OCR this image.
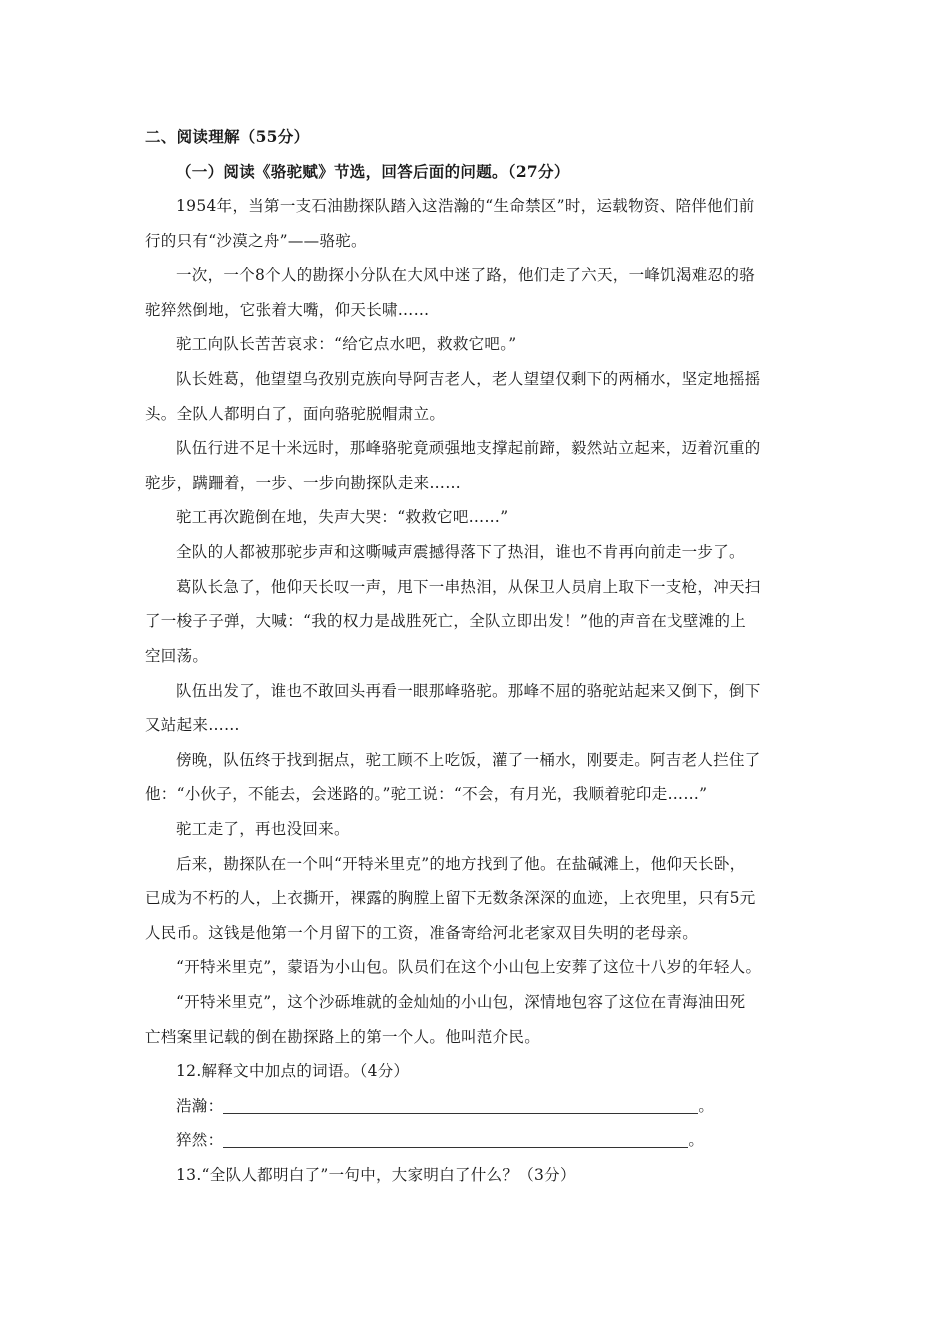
二、阅读理解（55分）
（一）阅读《骆驼赋》节选，回答后面的问题。（27分）
1954年，当第一支石油勘探队踏入这浩瀚的“生命禁区”时，运载物资、陪伴他们前
行的只有“沙漠之舟”——骆驼。
一次，一个8个人的勘探小分队在大风中迷了路，他们走了六天，一峰饥渴难忍的骆
驼猝然倒地，它张着大嘴，仰天长啸……
驼工向队长苦苦哀求：“给它点水吧，救救它吧。”
队长姓葛，他望望乌孜别克族向导阿吉老人，老人望望仅剩下的两桶水，坚定地摇摇
头。全队人都明白了，面向骆驼脱帽肃立。
队伍行进不足十米远时，那峰骆驼竟顽强地支撑起前蹄，毅然站立起来，迈着沉重的
驼步，蹒跚着，一步、一步向勘探队走来……
驼工再次跪倒在地，失声大哭：“救救它吧……”
全队的人都被那驼步声和这嘶喊声震撼得落下了热泪，谁也不肯再向前走一步了。
葛队长急了，他仰天长叹一声，甩下一串热泪，从保卫人员肩上取下一支枪，冲天扫
了一梭子子弹，大喊：“我的权力是战胜死亡，全队立即出发！”他的声音在戈壁滩的上
空回荡。
队伍出发了，谁也不敢回头再看一眼那峰骆驼。那峰不屈的骆驼站起来又倒下，倒下
又站起来……
傍晚，队伍终于找到据点，驼工顾不上吃饭，灌了一桶水，刚要走。阿吉老人拦住了
他：“小伙子，不能去，会迷路的。”驼工说：“不会，有月光，我顺着驼印走……”
驼工走了，再也没回来。
后来，勘探队在一个叫“开特米里克”的地方找到了他。在盐碱滩上，他仰天长卧，
已成为不朽的人，上衣撕开，裸露的胸膛上留下无数条深深的血迹，上衣兜里，只有5元
人民币。这钱是他第一个月留下的工资，准备寄给河北老家双目失明的老母亲。
“开特米里克”，蒙语为小山包。队员们在这个小山包上安葬了这位十八岁的年轻人。
“开特米里克”，这个沙砾堆就的金灿灿的小山包，深情地包容了这位在青海油田死
亡档案里记载的倒在勘探路上的第一个人。他叫范介民。
12.解释文中加点的词语。（4分）
浩瀚：	。
猝然：	。
13.“全队人都明白了”一句中，大家明白了什么？（3分）
